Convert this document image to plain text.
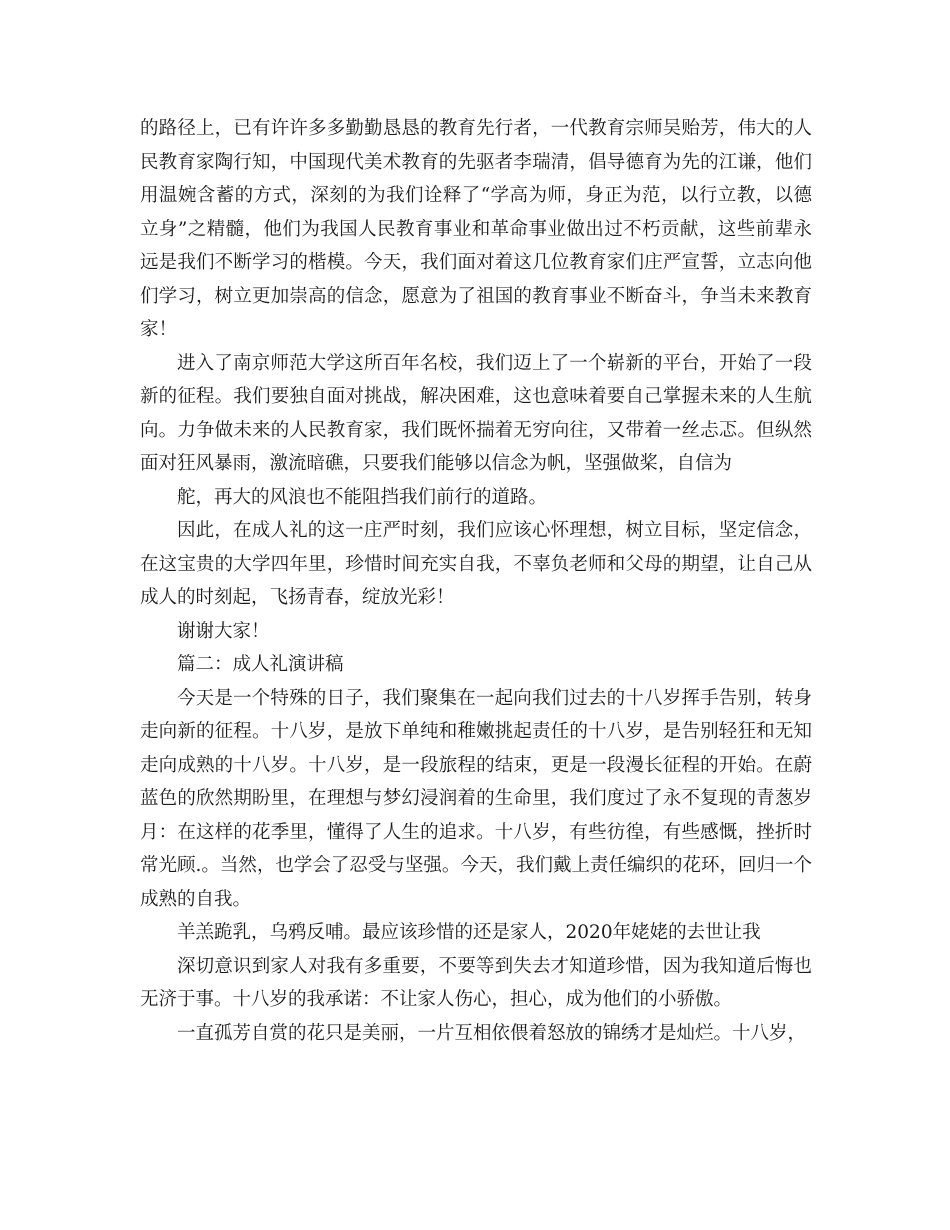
的路径上，已有许许多多勤勤恳恳的教育先行者，一代教育宗师吴贻芳，伟大的人民教育家陶行知，中国现代美术教育的先驱者李瑞清，倡导德育为先的江谦，他们用温婉含蓄的方式，深刻的为我们诠释了“学高为师，身正为范，以行立教，以德立身”之精髓，他们为我国人民教育事业和革命事业做出过不朽贡献，这些前辈永远是我们不断学习的楷模。今天，我们面对着这几位教育家们庄严宣誓，立志向他们学习，树立更加崇高的信念，愿意为了祖国的教育事业不断奋斗，争当未来教育家！

进入了南京师范大学这所百年名校，我们迈上了一个崭新的平台，开始了一段新的征程。我们要独自面对挑战，解决困难，这也意味着要自己掌握未来的人生航向。力争做未来的人民教育家，我们既怀揣着无穷向往，又带着一丝忐忑。但纵然面对狂风暴雨，激流暗礁，只要我们能够以信念为帆，坚强做桨，自信为

舵，再大的风浪也不能阻挡我们前行的道路。

因此，在成人礼的这一庄严时刻，我们应该心怀理想，树立目标，坚定信念，在这宝贵的大学四年里，珍惜时间充实自我，不辜负老师和父母的期望，让自己从成人的时刻起，飞扬青春，绽放光彩！

谢谢大家！

篇二：成人礼演讲稿

今天是一个特殊的日子，我们聚集在一起向我们过去的十八岁挥手告别，转身走向新的征程。十八岁，是放下单纯和稚嫩挑起责任的十八岁，是告别轻狂和无知走向成熟的十八岁。十八岁，是一段旅程的结束，更是一段漫长征程的开始。在蔚蓝色的欣然期盼里，在理想与梦幻浸润着的生命里，我们度过了永不复现的青葱岁月：在这样的花季里，懂得了人生的追求。十八岁，有些彷徨，有些感慨，挫折时常光顾.。当然，也学会了忍受与坚强。今天，我们戴上责任编织的花环，回归一个成熟的自我。

羊羔跪乳，乌鸦反哺。最应该珍惜的还是家人，2020年姥姥的去世让我

深切意识到家人对我有多重要，不要等到失去才知道珍惜，因为我知道后悔也无济于事。十八岁的我承诺：不让家人伤心，担心，成为他们的小骄傲。

一直孤芳自赏的花只是美丽，一片互相依偎着怒放的锦绣才是灿烂。十八岁，
